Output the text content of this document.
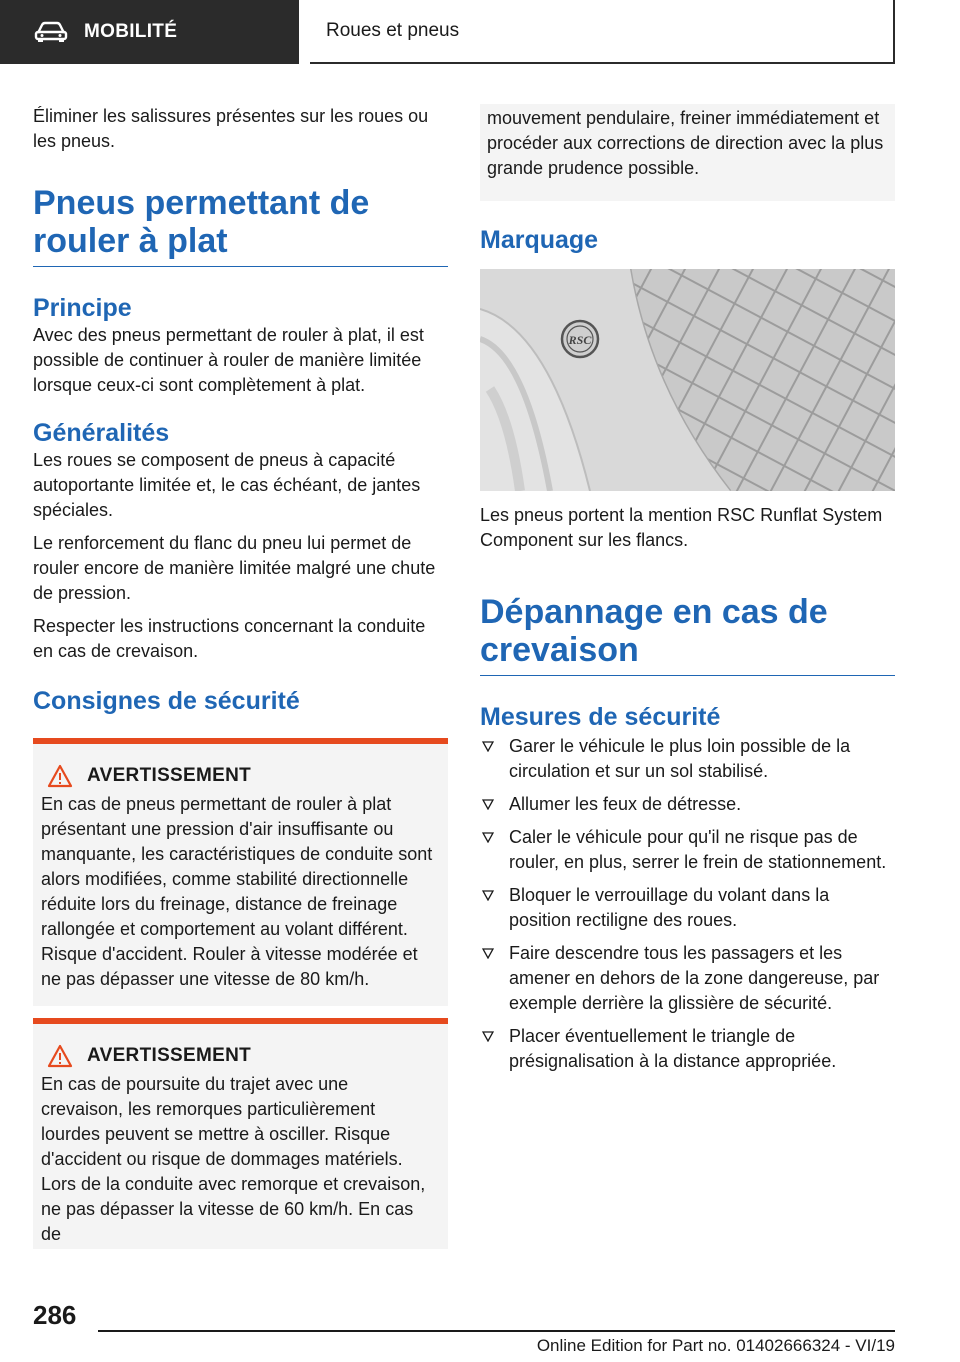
MOBILITÉ	Roues et pneus

Éliminer les salissures présentes sur les roues ou les pneus.

Pneus permettant de rouler à plat
Principe

Avec des pneus permettant de rouler à plat, il est possible de continuer à rouler de manière limitée lorsque ceux-ci sont complètement à plat.

Généralités

Les roues se composent de pneus à capacité autoportante limitée et, le cas échéant, de jantes spéciales.

Le renforcement du flanc du pneu lui permet de rouler encore de manière limitée malgré une chute de pression.

Respecter les instructions concernant la conduite en cas de crevaison.

Consignes de sécurité
AVERTISSEMENT

En cas de pneus permettant de rouler à plat présentant une pression d'air insuffisante ou manquante, les caractéristiques de conduite sont alors modifiées, comme stabilité directionnelle réduite lors du freinage, distance de freinage rallongée et comportement au volant différent. Risque d'accident. Rouler à vitesse modérée et ne pas dépasser une vitesse de 80 km/h.

AVERTISSEMENT

En cas de poursuite du trajet avec une crevaison, les remorques particulièrement lourdes peuvent se mettre à osciller. Risque d'accident ou risque de dommages matériels. Lors de la conduite avec remorque et crevaison, ne pas dépasser la vitesse de 60 km/h. En cas de

mouvement pendulaire, freiner immédiatement et procéder aux corrections de direction avec la plus grande prudence possible.

Marquage
RSC

Les pneus portent la mention RSC Runflat System Component sur les flancs.

Dépannage en cas de crevaison
Mesures de sécurité
Garer le véhicule le plus loin possible de la circulation et sur un sol stabilisé.
Allumer les feux de détresse.
Caler le véhicule pour qu'il ne risque pas de rouler, en plus, serrer le frein de stationnement.
Bloquer le verrouillage du volant dans la position rectiligne des roues.
Faire descendre tous les passagers et les amener en dehors de la zone dangereuse, par exemple derrière la glissière de sécurité.
Placer éventuellement le triangle de présignalisation à la distance appropriée.
286
Online Edition for Part no. 01402666324 - VI/19
